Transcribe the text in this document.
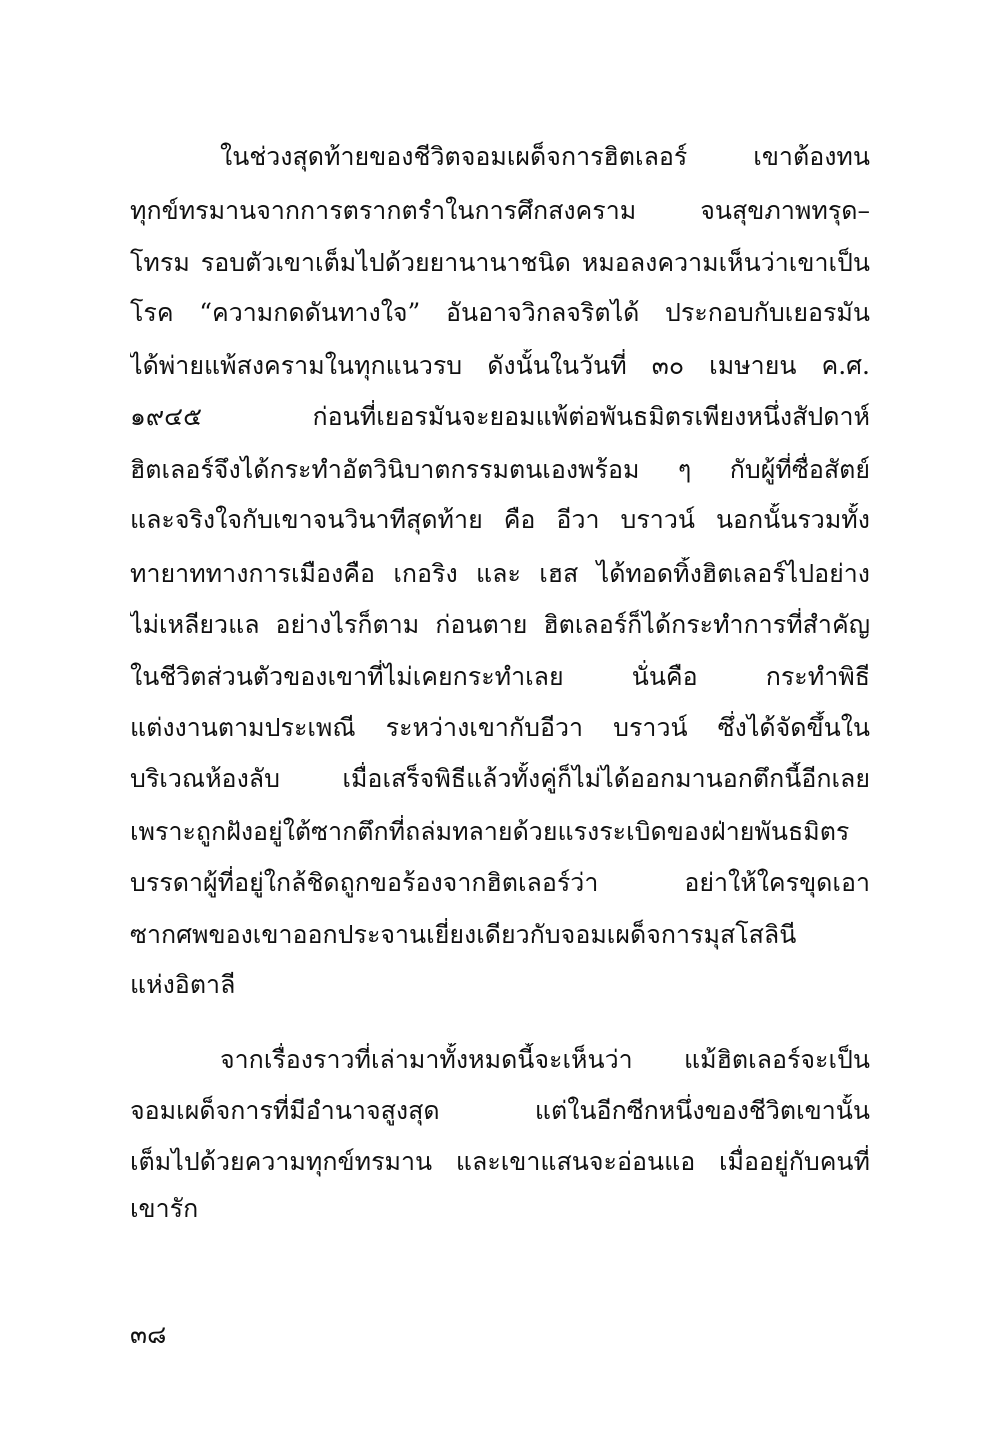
ในช่วงสุดท้ายของชีวิตจอมเผด็จการฮิตเลอร์ เขาต้องทน
ทุกข์ทรมานจากการตรากตรำในการศึกสงคราม จนสุขภาพทรุด–
โทรม รอบตัวเขาเต็มไปด้วยยานานาชนิด หมอลงความเห็นว่าเขาเป็น
โรค “ความกดดันทางใจ” อันอาจวิกลจริตได้ ประกอบกับเยอรมัน
ได้พ่ายแพ้สงครามในทุกแนวรบ ดังนั้นในวันที่ ๓๐ เมษายน ค.ศ.
๑๙๔๕ ก่อนที่เยอรมันจะยอมแพ้ต่อพันธมิตรเพียงหนึ่งสัปดาห์
ฮิตเลอร์จึงได้กระทำอัตวินิบาตกรรมตนเองพร้อม ๆ กับผู้ที่ซื่อสัตย์
และจริงใจกับเขาจนวินาทีสุดท้าย คือ อีวา บราวน์ นอกนั้นรวมทั้ง
ทายาททางการเมืองคือ เกอริง และ เฮส ได้ทอดทิ้งฮิตเลอร์ไปอย่าง
ไม่เหลียวแล อย่างไรก็ตาม ก่อนตาย ฮิตเลอร์ก็ได้กระทำการที่สำคัญ
ในชีวิตส่วนตัวของเขาที่ไม่เคยกระทำเลย นั่นคือ กระทำพิธี
แต่งงานตามประเพณี ระหว่างเขากับอีวา บราวน์ ซึ่งได้จัดขึ้นใน
บริเวณห้องลับ เมื่อเสร็จพิธีแล้วทั้งคู่ก็ไม่ได้ออกมานอกตึกนี้อีกเลย
เพราะถูกฝังอยู่ใต้ซากตึกที่ถล่มทลายด้วยแรงระเบิดของฝ่ายพันธมิตร
บรรดาผู้ที่อยู่ใกล้ชิดถูกขอร้องจากฮิตเลอร์ว่า อย่าให้ใครขุดเอา
ซากศพของเขาออกประจานเยี่ยงเดียวกับจอมเผด็จการมุสโสลินี
แห่งอิตาลี
จากเรื่องราวที่เล่ามาทั้งหมดนี้จะเห็นว่า แม้ฮิตเลอร์จะเป็น
จอมเผด็จการที่มีอำนาจสูงสุด แต่ในอีกซีกหนึ่งของชีวิตเขานั้น
เต็มไปด้วยความทุกข์ทรมาน และเขาแสนจะอ่อนแอ เมื่ออยู่กับคนที่
เขารัก
๓๘
